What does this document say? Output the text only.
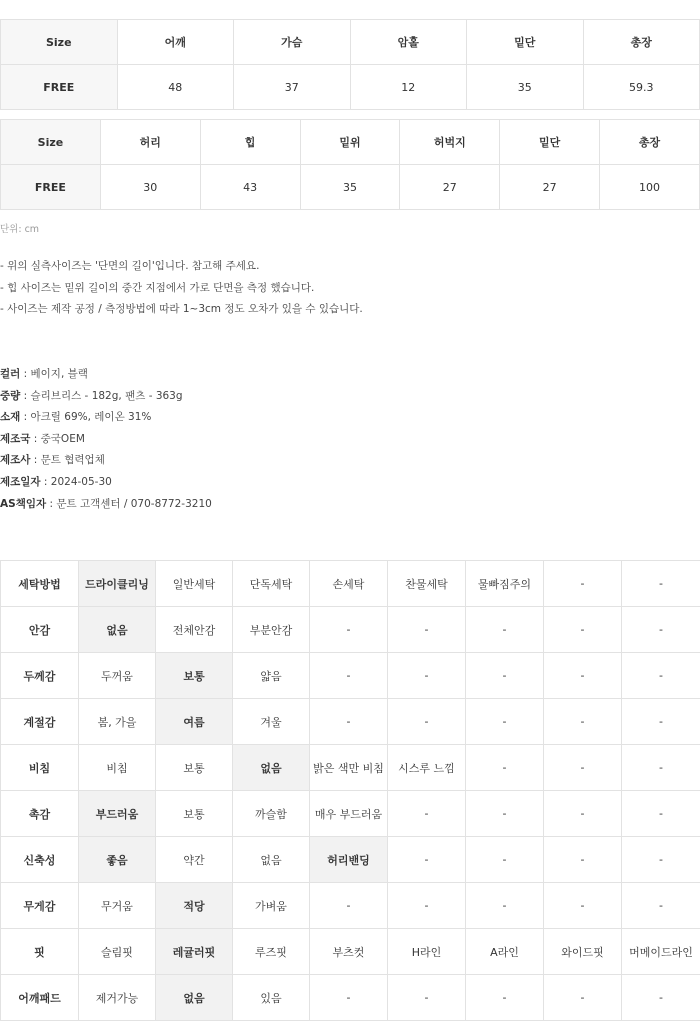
Size	어깨	가슴	암홀	밑단	총장
FREE	48	37	12	35	59.3
Size	허리	힙	밑위	허벅지	밑단	총장
FREE	30	43	35	27	27	100
단위: cm
- 위의 실측사이즈는 '단면의 길이'입니다. 참고해 주세요.
- 힙 사이즈는 밑위 길이의 중간 지점에서 가로 단면을 측정 했습니다.
- 사이즈는 제작 공정 / 측정방법에 따라 1~3cm 정도 오차가 있을 수 있습니다.
컬러 : 베이지, 블랙
중량 : 슬리브리스 - 182g, 팬츠 - 363g
소재 : 아크릴 69%, 레이온 31%
제조국 : 중국OEM
제조사 : 문트 협력업체
제조일자 : 2024-05-30
AS책임자 : 문트 고객센터 / 070-8772-3210
세탁방법	드라이클리닝	일반세탁	단독세탁	손세탁	찬물세탁	물빠짐주의	-	-
안감	없음	전체안감	부분안감	-	-	-	-	-
두께감	두꺼움	보통	얇음	-	-	-	-	-
계절감	봄, 가을	여름	겨울	-	-	-	-	-
비침	비침	보통	없음	밝은 색만 비침	시스루 느낌	-	-	-
촉감	부드러움	보통	까슬함	매우 부드러움	-	-	-	-
신축성	좋음	약간	없음	허리밴딩	-	-	-	-
무게감	무거움	적당	가벼움	-	-	-	-	-
핏	슬림핏	레귤러핏	루즈핏	부츠컷	H라인	A라인	와이드핏	머메이드라인
어깨패드	제거가능	없음	있음	-	-	-	-	-
